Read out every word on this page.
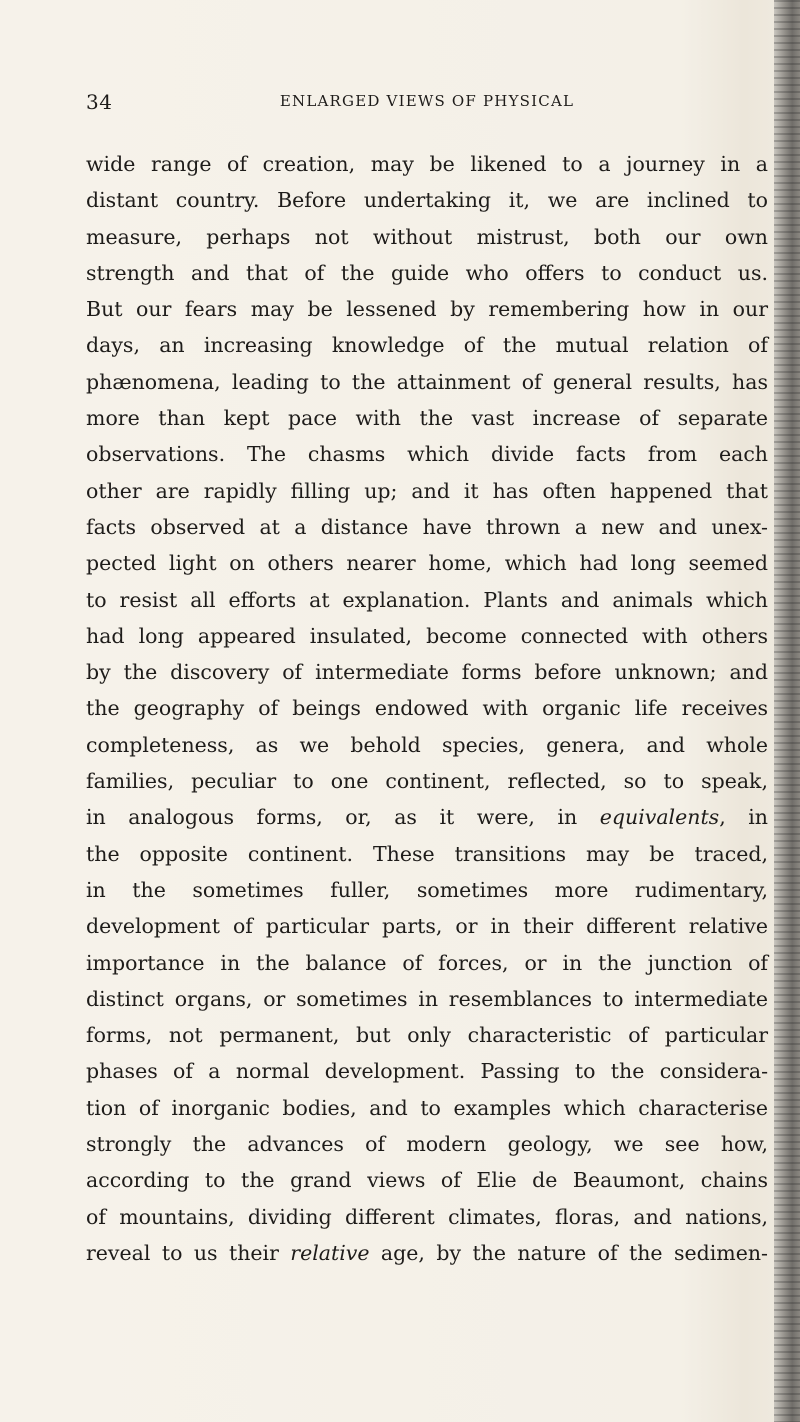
34	ENLARGED VIEWS OF PHYSICAL
wide range of creation, may be likened to a journey in a
distant country. Before undertaking it, we are inclined to
measure, perhaps not without mistrust, both our own
strength and that of the guide who offers to conduct us.
But our fears may be lessened by remembering how in our
days, an increasing knowledge of the mutual relation of
phænomena, leading to the attainment of general results, has
more than kept pace with the vast increase of separate
observations. The chasms which divide facts from each
other are rapidly filling up; and it has often happened that
facts observed at a distance have thrown a new and unex-
pected light on others nearer home, which had long seemed
to resist all efforts at explanation. Plants and animals which
had long appeared insulated, become connected with others
by the discovery of intermediate forms before unknown; and
the geography of beings endowed with organic life receives
completeness, as we behold species, genera, and whole
families, peculiar to one continent, reflected, so to speak,
in analogous forms, or, as it were, in equivalents, in
the opposite continent. These transitions may be traced,
in the sometimes fuller, sometimes more rudimentary,
development of particular parts, or in their different relative
importance in the balance of forces, or in the junction of
distinct organs, or sometimes in resemblances to intermediate
forms, not permanent, but only characteristic of particular
phases of a normal development. Passing to the considera-
tion of inorganic bodies, and to examples which characterise
strongly the advances of modern geology, we see how,
according to the grand views of Elie de Beaumont, chains
of mountains, dividing different climates, floras, and nations,
reveal to us their relative age, by the nature of the sedimen-
